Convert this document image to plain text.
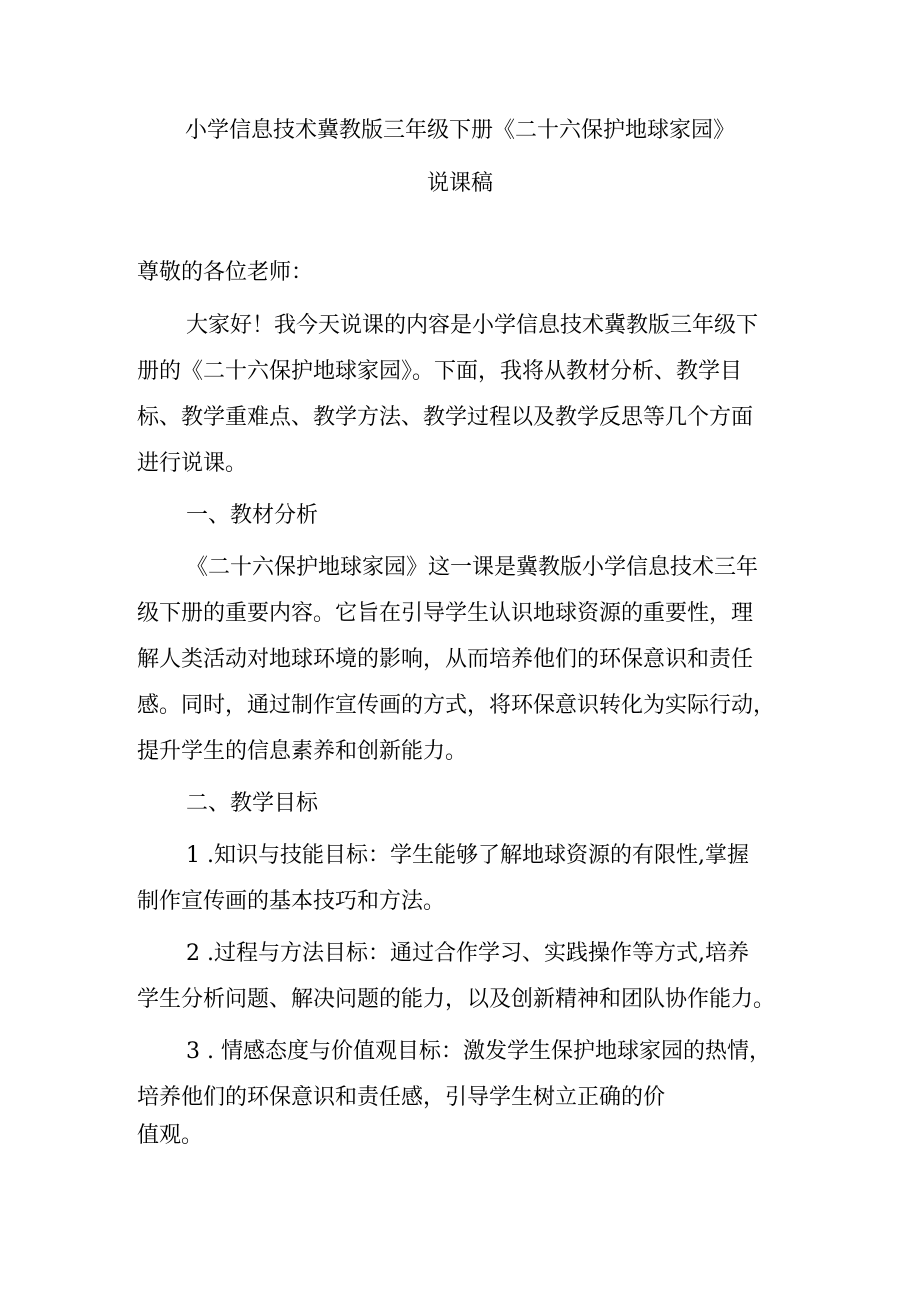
小学信息技术冀教版三年级下册《二十六保护地球家园》
说课稿
尊敬的各位老师：
大家好！我今天说课的内容是小学信息技术冀教版三年级下
册的《二十六保护地球家园》。下面，我将从教材分析、教学目
标、教学重难点、教学方法、教学过程以及教学反思等几个方面
进行说课。
一、教材分析
《二十六保护地球家园》这一课是冀教版小学信息技术三年
级下册的重要内容。它旨在引导学生认识地球资源的重要性，理
解人类活动对地球环境的影响，从而培养他们的环保意识和责任
感。同时，通过制作宣传画的方式，将环保意识转化为实际行动，
提升学生的信息素养和创新能力。
二、教学目标
1 .知识与技能目标：学生能够了解地球资源的有限性,掌握
制作宣传画的基本技巧和方法。
2 .过程与方法目标：通过合作学习、实践操作等方式,培养
学生分析问题、解决问题的能力，以及创新精神和团队协作能力。
3 . 情感态度与价值观目标：激发学生保护地球家园的热情，
培养他们的环保意识和责任感，引导学生树立正确的价
值观。
